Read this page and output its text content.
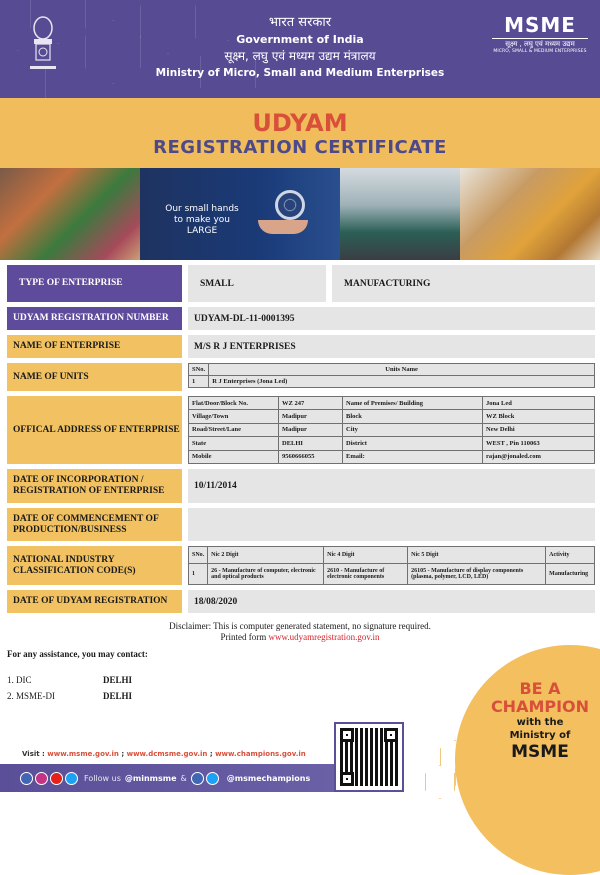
भारत सरकार
Government of India
सूक्ष्म, लघु एवं मध्यम उद्यम मंत्रालय
Ministry of Micro, Small and Medium Enterprises
MSME
सूक्ष्म , लघु एवं मध्यम उद्यम
MICRO, SMALL & MEDIUM ENTERPRISES
UDYAM
REGISTRATION CERTIFICATE
Our small hands to make you LARGE
TYPE OF ENTERPRISE	SMALL	MANUFACTURING
UDYAM REGISTRATION NUMBER	UDYAM-DL-11-0001395
NAME OF ENTERPRISE	M/S R J ENTERPRISES
NAME OF UNITS
SNo.	Units Name
1	R J Enterprises (Jona Led)
OFFICAL ADDRESS OF ENTERPRISE
Flat/Door/Block No.	WZ 247	Name of Premises/ Building	Jona Led
Village/Town	Madipur	Block	WZ Block
Road/Street/Lane	Madipur	City	New Delhi
State	DELHI	District	WEST , Pin 110063
Mobile	9560666055	Email:	rajan@jonaled.com
DATE OF INCORPORATION / REGISTRATION OF ENTERPRISE	10/11/2014
DATE OF COMMENCEMENT OF PRODUCTION/BUSINESS
NATIONAL INDUSTRY CLASSIFICATION CODE(S)
SNo.	Nic 2 Digit	Nic 4 Digit	Nic 5 Digit	Activity
1	26 - Manufacture of computer, electronic and optical products	2610 - Manufacture of electronic components	26105 - Manufacture of display components (plasma, polymer, LCD, LED)	Manufacturing
DATE OF UDYAM REGISTRATION	18/08/2020
Disclaimer: This is computer generated statement, no signature required.
Printed form www.udyamregistration.gov.in
For any assistance, you may contact:
1. DIC	DELHI
2. MSME-DI	DELHI	BE A
CHAMPION
with the
Ministry of
MSME
Visit : www.msme.gov.in ; www.dcmsme.gov.in ; www.champions.gov.in
Follow us @minmsme &	@msmechampions
